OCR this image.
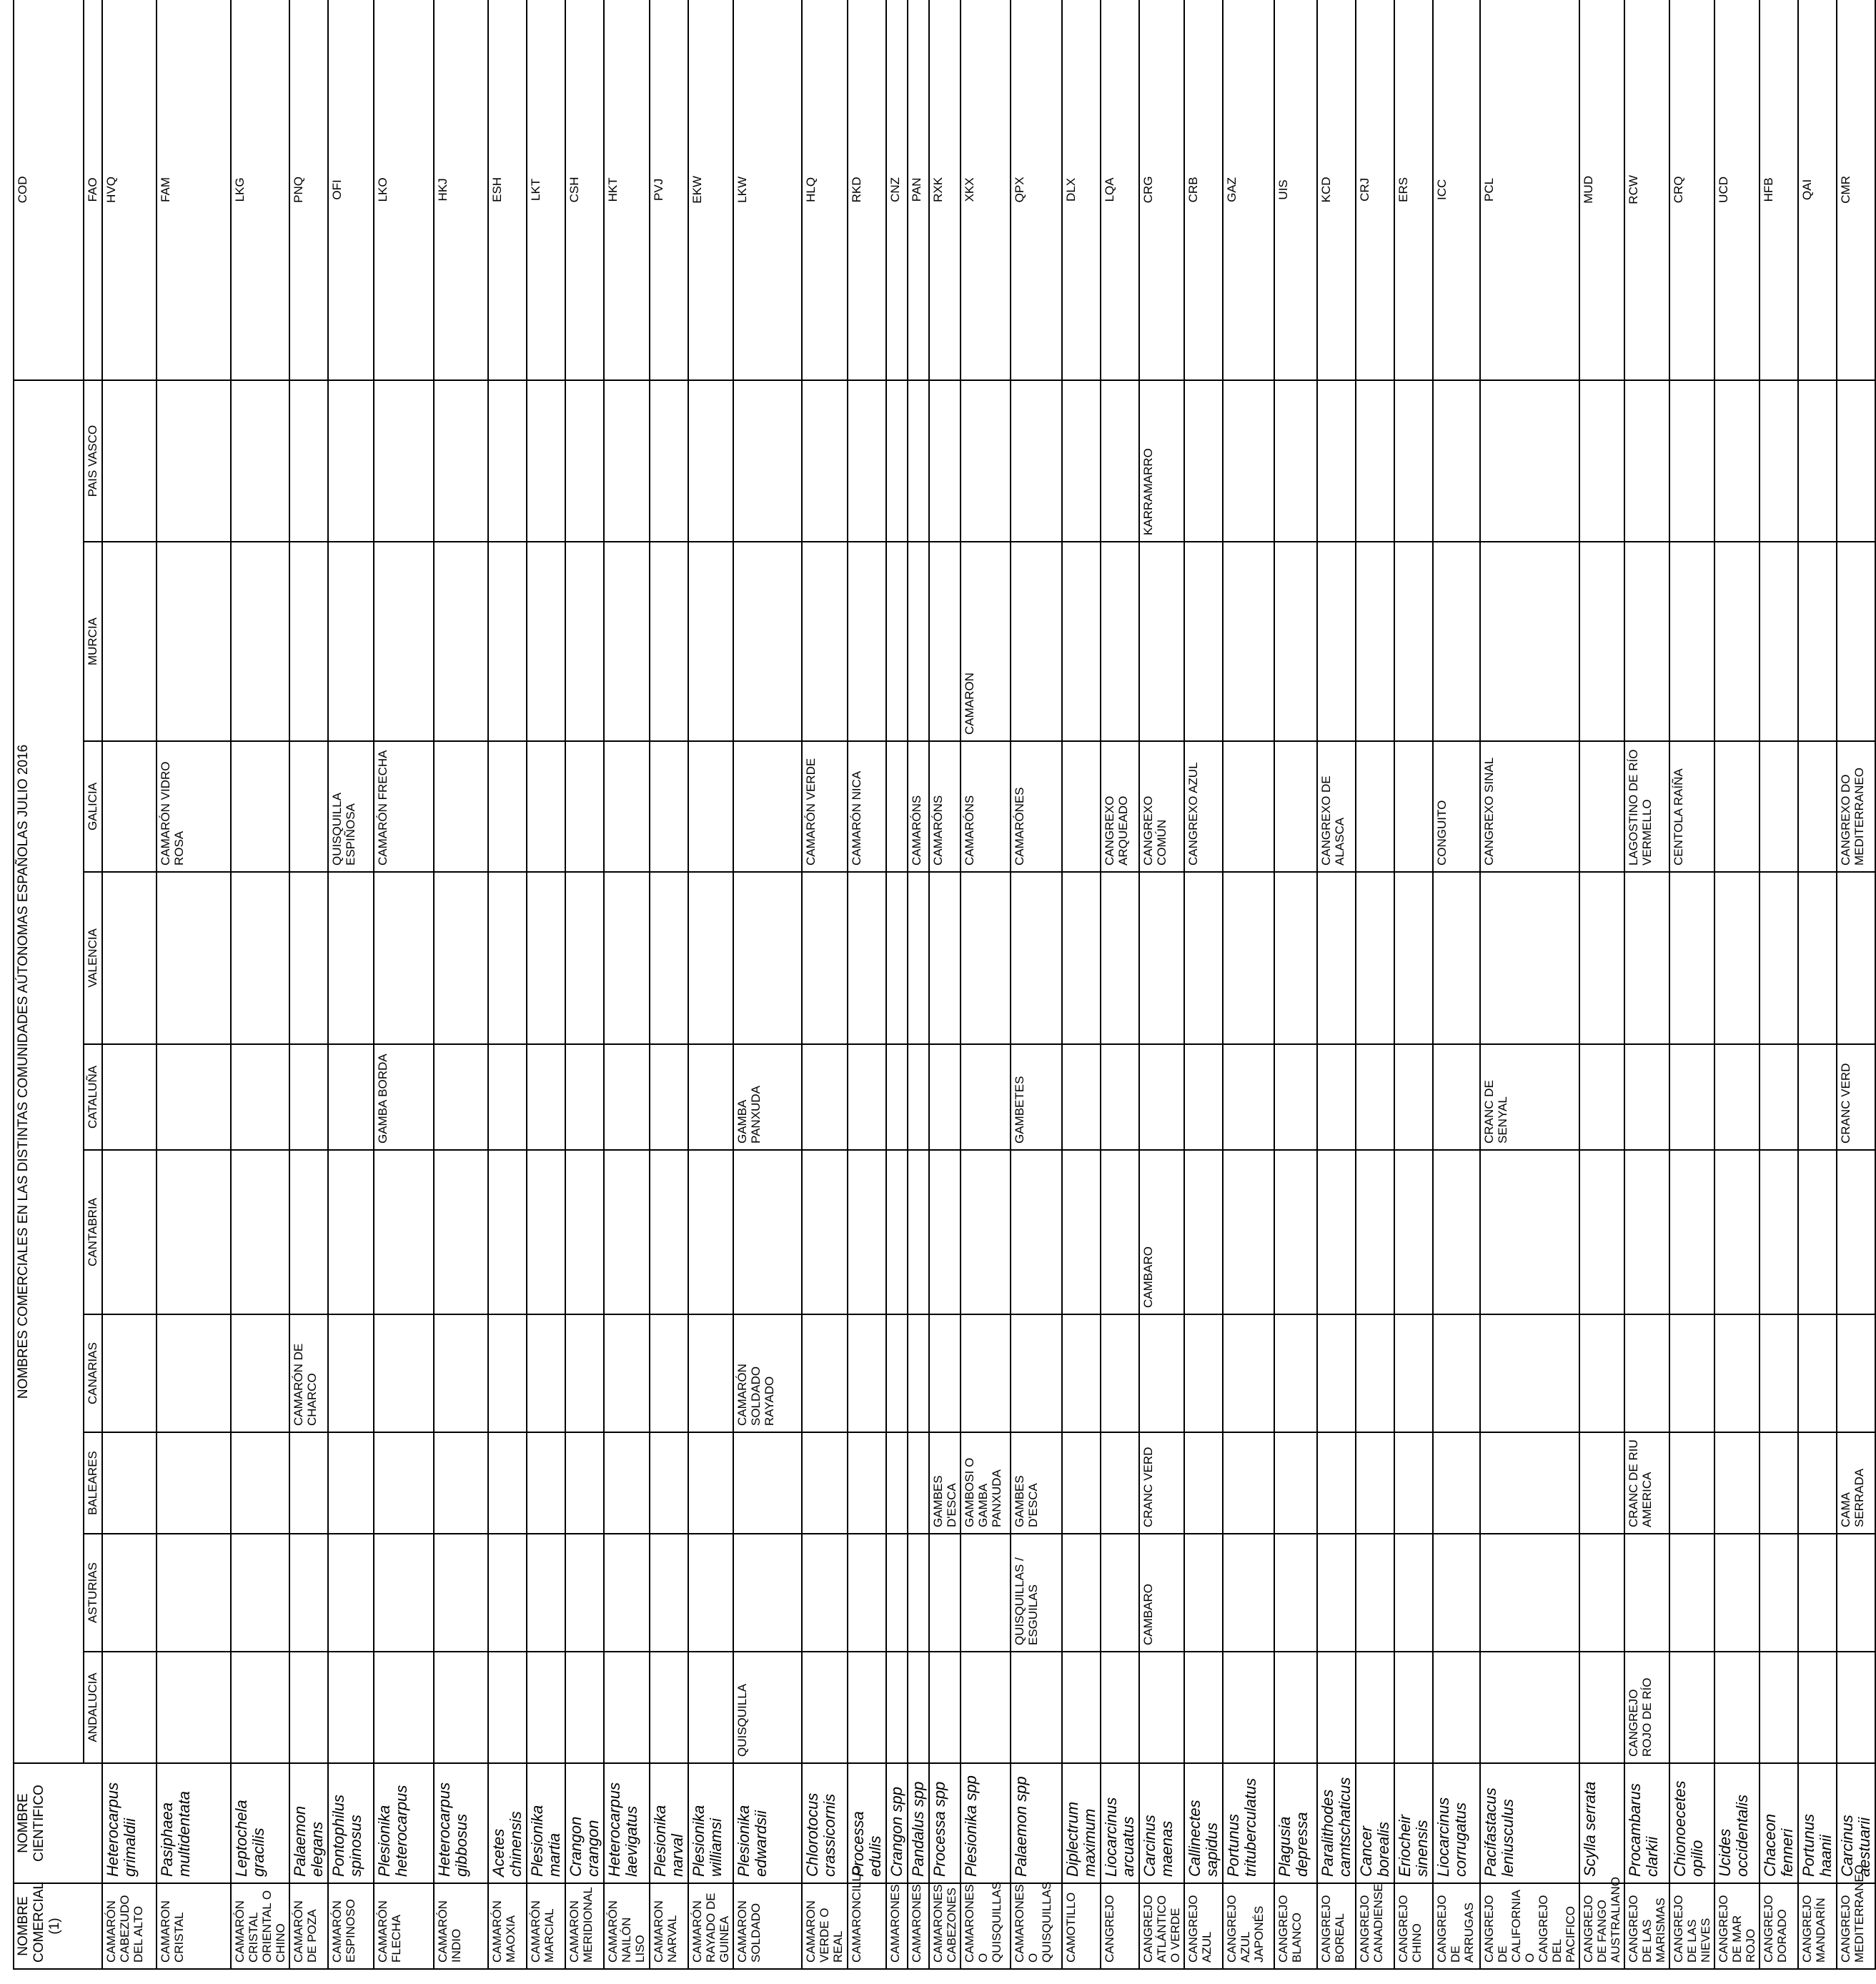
NOMBRE COMERCIAL (1)	NOMBRE CIENTIFICO	NOMBRES COMERCIALES EN LAS DISTINTAS COMUNIDADES AÚTONOMAS ESPAÑOLAS JULIO 2016										COD
		ANDALUCIA	ASTURIAS	BALEARES	CANARIAS	CANTABRIA	CATALUÑA	VALENCIA	GALICIA	MURCIA	PAIS VASCO	FAO
CAMARÓN CABEZUDO DEL ALTO	Heterocarpus grimaldii											HVQ
CAMARON CRISTAL	Pasiphaea multidentata								CAMARÓN VIDRO ROSA			FAM
CAMARÓN CRISTAL ORIENTAL O CHINO	Leptochela gracilis											LKG
CAMARÓN DE POZA	Palaemon elegans				CAMARÓN DE CHARCO							PNQ
CAMARÓN ESPINOSO	Pontophilus spinosus								QUISQUILLA ESPIÑOSA			OFI
CAMARÓN FLECHA	Plesionika heterocarpus						GAMBA BORDA		CAMARÓN FRECHA			LKO
CAMARÓN INDIO	Heterocarpus gibbosus											HKJ
CAMARÓN MAOXIA	Acetes chinensis											ESH
CAMARÓN MARCIAL	Plesionika martia											LKT
CAMARON MERIDIONAL	Crangon crangon											CSH
CAMARÓN NAILÓN LISO	Heterocarpus laevigatus											HKT
CAMARON NARVAL	Plesionika narval											PVJ
CAMARÓN RAYADO DE GUINEA	Plesionika williamsi											EKW
CAMARON SOLDADO	Plesionika edwardsii	QUISQUILLA			CAMARÓN SOLDADO RAYADO		GAMBA PANXUDA					LKW
CAMARON VERDE O REAL	Chlorotocus crassicornis								CAMARÓN VERDE			HLQ
CAMARONCILLO	Processa edulis								CAMARÓN NICA			RKD
CAMARONES	Crangon spp											CNZ
CAMARONES	Pandalus spp								CAMARÓNS			PAN
CAMARONES CABEZONES	Processa spp			GAMBES D'ESCA					CAMARÓNS			RXK
CAMARONES O QUISQUILLAS	Plesionika spp			GAMBOSI O GAMBA PANXUDA					CAMARÓNS	CAMARON		XKX
CAMARONES O QUISQUILLAS	Palaemon spp		QUISQUILLAS / ESGUILAS	GAMBES D'ESCA			GAMBETES		CAMARÓNES			QPX
CAMOTILLO	Diplectrum maximum											DLX
CANGREJO	Liocarcinus arcuatus								CANGREXO ARQUEADO			LQA
CANGREJO ATLÁNTICO O VERDE	Carcinus maenas		CAMBARO	CRANC VERD		CAMBARO			CANGREXO COMÚN		KARRAMARRO	CRG
CANGREJO AZUL	Callinectes sapidus								CANGREXO AZUL			CRB
CANGREJO AZUL JAPONÉS	Portunus trituberculatus											GAZ
CANGREJO BLANCO	Plagusia depressa											UIS
CANGREJO BOREAL	Paralithodes camtschaticus								CANGREXO DE ALASCA			KCD
CANGREJO CANADIENSE	Cancer borealis											CRJ
CANGREJO CHINO	Eriocheir sinensis											ERS
CANGREJO DE ARRUGAS	Liocarcinus corrugatus								CONGUITO			ICC
CANGREJO DE CALIFORNIA O CANGREJO DEL PACIFICO	Pacifastacus leniusculus						CRANC DE SENYAL		CANGREXO SINAL			PCL
CANGREJO DE FANGO AUSTRALIANO	Scylla serrata											MUD
CANGREJO DE LAS MARISMAS	Procambarus clarkii	CANGREJO ROJO DE RÍO		CRANC DE RIU AMERICA					LAGOSTINO DE RÍO VERMELLO			RCW
CANGREJO DE LAS NIEVES	Chionoecetes opilio								CENTOLA RAÍÑA			CRQ
CANGREJO DE MAR ROJO	Ucides occidentalis											UCD
CANGREJO DORADO	Chaceon fenneri											HFB
CANGREJO MANDARÍN	Portunus haanii											QAI
CANGREJO MEDITERRANEO	Carcinus aestuarii			CAMA SERRADA			CRANC VERD		CANGREXO DO MEDITERRANEO			CMR
